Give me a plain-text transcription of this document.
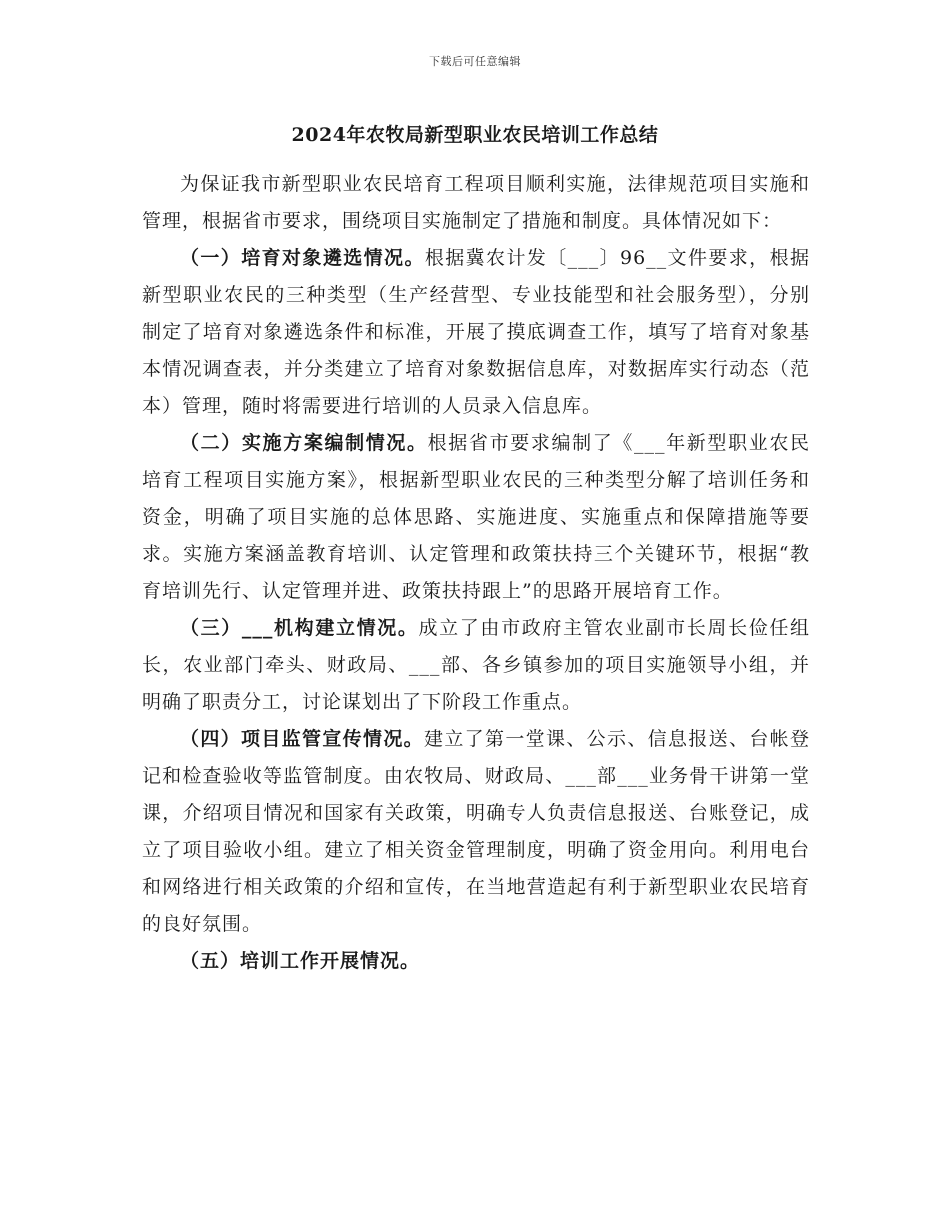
下载后可任意编辑
2024年农牧局新型职业农民培训工作总结

为保证我市新型职业农民培育工程项目顺利实施，法律规范项目实施和管理，根据省市要求，围绕项目实施制定了措施和制度。具体情况如下：

（一）培育对象遴选情况。根据冀农计发〔___〕96__文件要求，根据新型职业农民的三种类型（生产经营型、专业技能型和社会服务型），分别制定了培育对象遴选条件和标准，开展了摸底调查工作，填写了培育对象基本情况调查表，并分类建立了培育对象数据信息库，对数据库实行动态（范本）管理，随时将需要进行培训的人员录入信息库。

（二）实施方案编制情况。根据省市要求编制了《___年新型职业农民培育工程项目实施方案》，根据新型职业农民的三种类型分解了培训任务和资金，明确了项目实施的总体思路、实施进度、实施重点和保障措施等要求。实施方案涵盖教育培训、认定管理和政策扶持三个关键环节，根据“教育培训先行、认定管理并进、政策扶持跟上”的思路开展培育工作。

（三）___机构建立情况。成立了由市政府主管农业副市长周长俭任组长，农业部门牵头、财政局、___部、各乡镇参加的项目实施领导小组，并明确了职责分工，讨论谋划出了下阶段工作重点。

（四）项目监管宣传情况。建立了第一堂课、公示、信息报送、台帐登记和检查验收等监管制度。由农牧局、财政局、___部___业务骨干讲第一堂课，介绍项目情况和国家有关政策，明确专人负责信息报送、台账登记，成立了项目验收小组。建立了相关资金管理制度，明确了资金用向。利用电台和网络进行相关政策的介绍和宣传，在当地营造起有利于新型职业农民培育的良好氛围。

（五）培训工作开展情况。
